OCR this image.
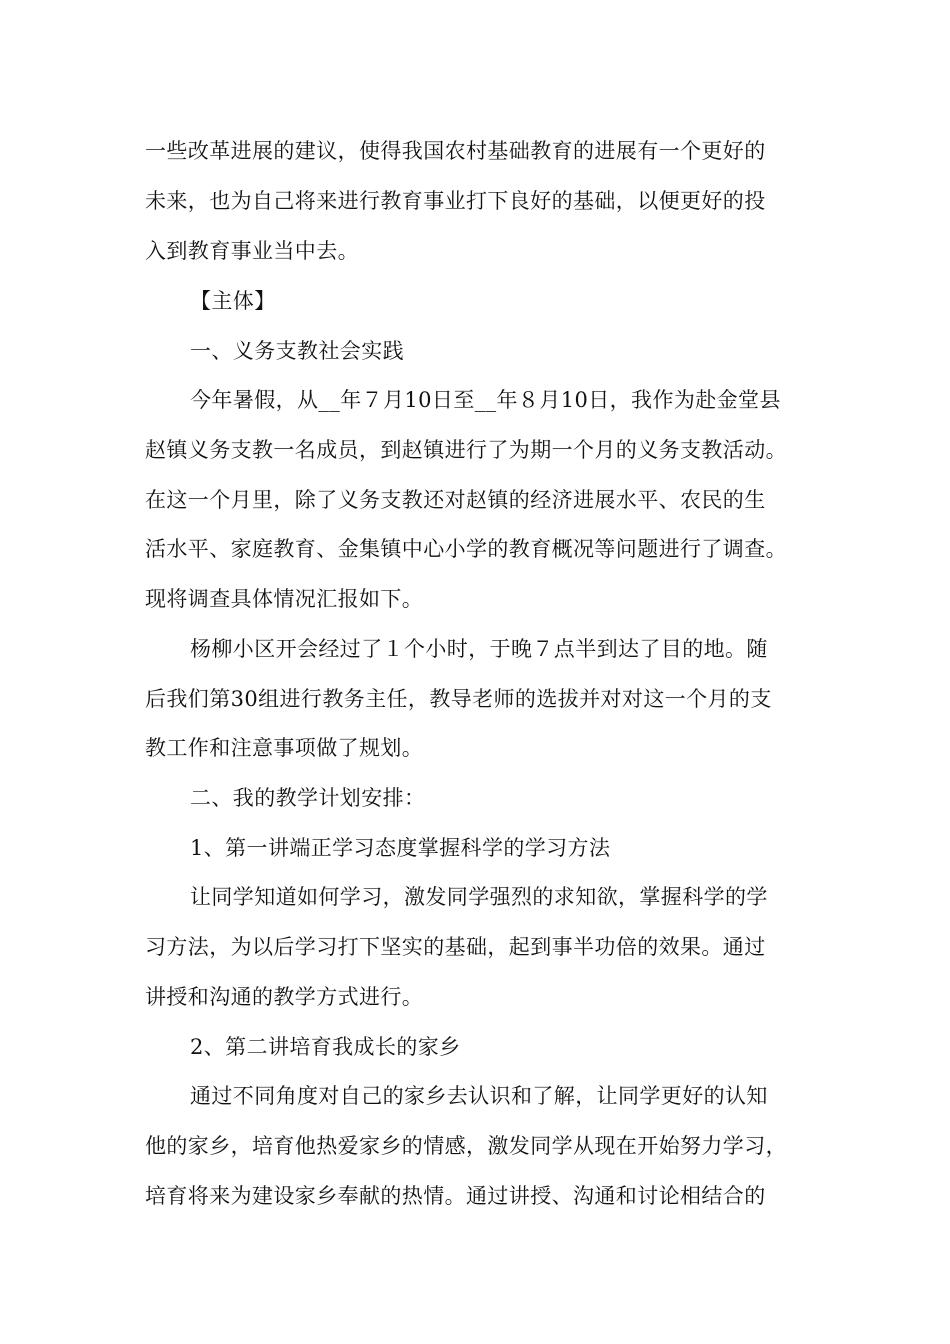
一些改革进展的建议，使得我国农村基础教育的进展有一个更好的
未来，也为自己将来进行教育事业打下良好的基础，以便更好的投
入到教育事业当中去。
【主体】
一、义务支教社会实践
今年暑假，从__年７月10日至__年８月10日，我作为赴金堂县
赵镇义务支教一名成员，到赵镇进行了为期一个月的义务支教活动。
在这一个月里，除了义务支教还对赵镇的经济进展水平、农民的生
活水平、家庭教育、金集镇中心小学的教育概况等问题进行了调查。
现将调查具体情况汇报如下。
杨柳小区开会经过了１个小时，于晚７点半到达了目的地。随
后我们第30组进行教务主任，教导老师的选拔并对对这一个月的支
教工作和注意事项做了规划。
二、我的教学计划安排：
1、第一讲端正学习态度掌握科学的学习方法
让同学知道如何学习，激发同学强烈的求知欲，掌握科学的学
习方法，为以后学习打下坚实的基础，起到事半功倍的效果。通过
讲授和沟通的教学方式进行。
2、第二讲培育我成长的家乡
通过不同角度对自己的家乡去认识和了解，让同学更好的认知
他的家乡，培育他热爱家乡的情感，激发同学从现在开始努力学习，
培育将来为建设家乡奉献的热情。通过讲授、沟通和讨论相结合的
